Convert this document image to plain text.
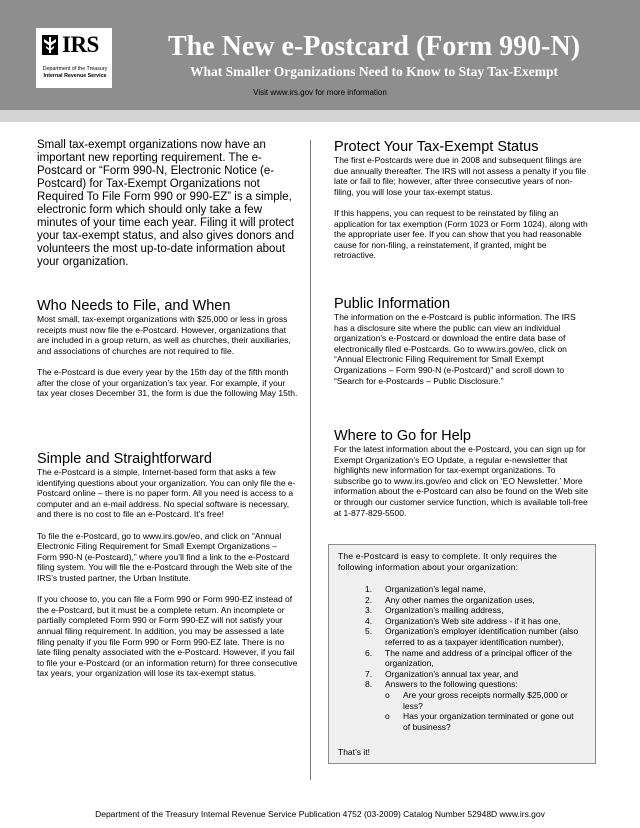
IRS
Department of the Treasury
Internal Revenue Service
The New e-Postcard (Form 990-N)
What Smaller Organizations Need to Know to Stay Tax-Exempt
Visit www.irs.gov for more information
Small tax-exempt organizations now have an important new reporting requirement. The e-Postcard or “Form 990-N, Electronic Notice (e-Postcard) for Tax-Exempt Organizations not Required To File Form 990 or 990-EZ” is a simple, electronic form which should only take a few minutes of your time each year. Filing it will protect your tax-exempt status, and also gives donors and volunteers the most up-to-date information about your organization.
Who Needs to File, and When

Most small, tax-exempt organizations with $25,000 or less in gross receipts must now file the e-Postcard. However, organizations that are included in a group return, as well as churches, their auxiliaries, and associations of churches are not required to file.

The e-Postcard is due every year by the 15th day of the fifth month after the close of your organization’s tax year. For example, if your tax year closes December 31, the form is due the following May 15th.

Simple and Straightforward

The e-Postcard is a simple, Internet-based form that asks a few identifying questions about your organization. You can only file the e-Postcard online – there is no paper form. All you need is access to a computer and an e-mail address. No special software is necessary, and there is no cost to file an e-Postcard. It’s free!

To file the e-Postcard, go to www.irs.gov/eo, and click on “Annual Electronic Filing Requirement for Small Exempt Organizations – Form 990-N (e-Postcard),” where you’ll find a link to the e-Postcard filing system. You will file the e-Postcard through the Web site of the IRS’s trusted partner, the Urban Institute.

If you choose to, you can file a Form 990 or Form 990-EZ instead of the e-Postcard, but it must be a complete return. An incomplete or partially completed Form 990 or Form 990-EZ will not satisfy your annual filing requirement. In addition, you may be assessed a late filing penalty if you file Form 990 or Form 990-EZ late. There is no late filing penalty associated with the e-Postcard. However, if you fail to file your e-Postcard (or an information return) for three consecutive tax years, your organization will lose its tax-exempt status.

Protect Your Tax-Exempt Status

The first e-Postcards were due in 2008 and subsequent filings are due annually thereafter. The IRS will not assess a penalty if you file late or fail to file; however, after three consecutive years of non-filing, you will lose your tax-exempt status.

If this happens, you can request to be reinstated by filing an application for tax exemption (Form 1023 or Form 1024), along with the appropriate user fee. If you can show that you had reasonable cause for non-filing, a reinstatement, if granted, might be retroactive.

Public Information

The information on the e-Postcard is public information. The IRS has a disclosure site where the public can view an individual organization’s e-Postcard or download the entire data base of electronically filed e-Postcards. Go to www.irs.gov/eo, click on “Annual Electronic Filing Requirement for Small Exempt Organizations – Form 990-N (e-Postcard)” and scroll down to “Search for e-Postcards – Public Disclosure.”

Where to Go for Help

For the latest information about the e-Postcard, you can sign up for Exempt Organization’s EO Update, a regular e-newsletter that highlights new information for tax-exempt organizations. To subscribe go to www.irs.gov/eo and click on ‘EO Newsletter.’ More information about the e-Postcard can also be found on the Web site or through our customer service function, which is available toll-free at 1-877-829-5500.

The e-Postcard is easy to complete. It only requires the following information about your organization:
1. Organization’s legal name,
2. Any other names the organization uses,
3. Organization’s mailing address,
4. Organization’s Web site address - if it has one,
5. Organization’s employer identification number (also referred to as a taxpayer identification number),
6. The name and address of a principal officer of the organization,
7. Organization’s annual tax year, and
8. Answers to the following questions:
o Are your gross receipts normally $25,000 or less?
o Has your organization terminated or gone out of business?
That’s it!
Department of the Treasury Internal Revenue Service Publication 4752 (03-2009) Catalog Number 52948D www.irs.gov
